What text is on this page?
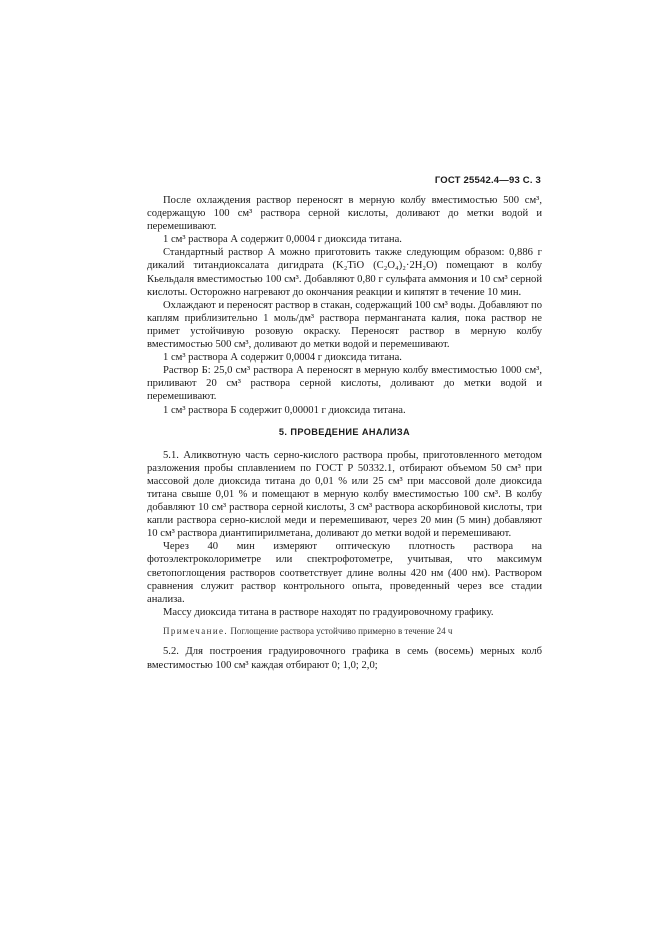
ГОСТ 25542.4—93 С. 3

После охлаждения раствор переносят в мерную колбу вместимостью 500 см³, содержащую 100 см³ раствора серной кислоты, доливают до метки водой и перемешивают.

1 см³ раствора А содержит 0,0004 г диоксида титана.

Стандартный раствор А можно приготовить также следующим образом: 0,886 г дикалий титандиоксалата дигидрата (K₂TiO (C₂O₄)₂·2H₂O) помещают в колбу Кьельдаля вместимостью 100 см³. Добавляют 0,80 г сульфата аммония и 10 см³ серной кислоты. Осторожно нагревают до окончания реакции и кипятят в течение 10 мин.

Охлаждают и переносят раствор в стакан, содержащий 100 см³ воды. Добавляют по каплям приблизительно 1 моль/дм³ раствора перманганата калия, пока раствор не примет устойчивую розовую окраску. Переносят раствор в мерную колбу вместимостью 500 см³, доливают до метки водой и перемешивают.

1 см³ раствора А содержит 0,0004 г диоксида титана.

Раствор Б: 25,0 см³ раствора А переносят в мерную колбу вместимостью 1000 см³, приливают 20 см³ раствора серной кислоты, доливают до метки водой и перемешивают.

1 см³ раствора Б содержит 0,00001 г диоксида титана.

5. ПРОВЕДЕНИЕ АНАЛИЗА

5.1. Аликвотную часть серно-кислого раствора пробы, приготовленного методом разложения пробы сплавлением по ГОСТ Р 50332.1, отбирают объемом 50 см³ при массовой доле диоксида титана до 0,01 % или 25 см³ при массовой доле диоксида титана свыше 0,01 % и помещают в мерную колбу вместимостью 100 см³. В колбу добавляют 10 см³ раствора серной кислоты, 3 см³ раствора аскорбиновой кислоты, три капли раствора серно-кислой меди и перемешивают, через 20 мин (5 мин) добавляют 10 см³ раствора диантипирилметана, доливают до метки водой и перемешивают.

Через 40 мин измеряют оптическую плотность раствора на фотоэлектроколориметре или спектрофотометре, учитывая, что максимум светопоглощения растворов соответствует длине волны 420 нм (400 нм). Раствором сравнения служит раствор контрольного опыта, проведенный через все стадии анализа.

Массу диоксида титана в растворе находят по градуировочному графику.

Примечание. Поглощение раствора устойчиво примерно в течение 24 ч

5.2. Для построения градуировочного графика в семь (восемь) мерных колб вместимостью 100 см³ каждая отбирают 0; 1,0; 2,0;
